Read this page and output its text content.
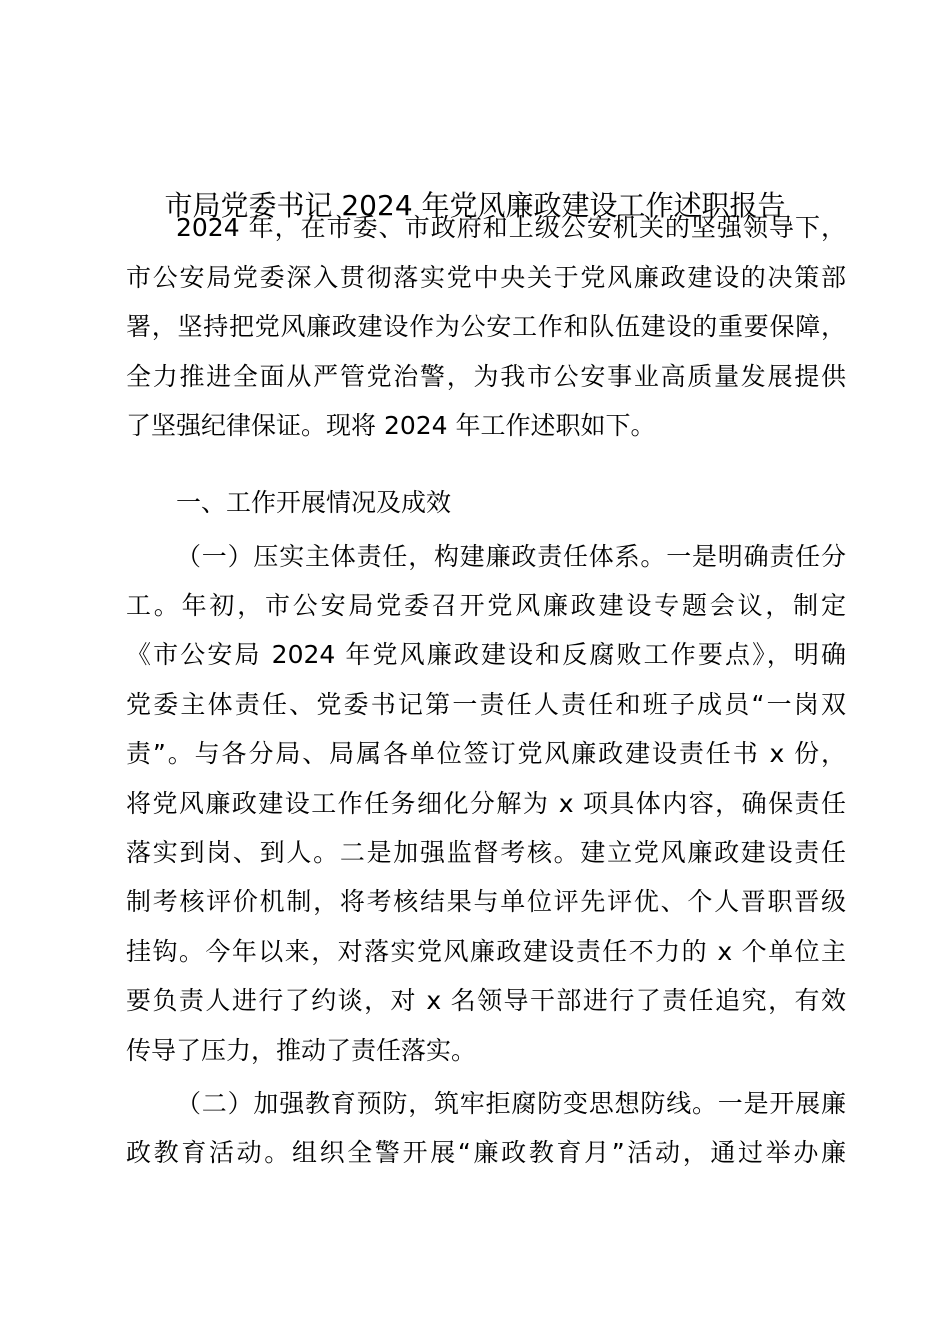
市局党委书记 2024 年党风廉政建设工作述职报告
2024 年，在市委、市政府和上级公安机关的坚强领导下，
市公安局党委深入贯彻落实党中央关于党风廉政建设的决策部
署，坚持把党风廉政建设作为公安工作和队伍建设的重要保障，
全力推进全面从严管党治警，为我市公安事业高质量发展提供
了坚强纪律保证。现将 2024 年工作述职如下。
一、工作开展情况及成效
（一）压实主体责任，构建廉政责任体系。一是明确责任分
工。年初，市公安局党委召开党风廉政建设专题会议，制定
《市公安局 2024 年党风廉政建设和反腐败工作要点》，明确
党委主体责任、党委书记第一责任人责任和班子成员“一岗双
责”。与各分局、局属各单位签订党风廉政建设责任书 x 份，
将党风廉政建设工作任务细化分解为 x 项具体内容，确保责任
落实到岗、到人。二是加强监督考核。建立党风廉政建设责任
制考核评价机制，将考核结果与单位评先评优、个人晋职晋级
挂钩。今年以来，对落实党风廉政建设责任不力的 x 个单位主
要负责人进行了约谈，对 x 名领导干部进行了责任追究，有效
传导了压力，推动了责任落实。
（二）加强教育预防，筑牢拒腐防变思想防线。一是开展廉
政教育活动。组织全警开展“廉政教育月”活动，通过举办廉
